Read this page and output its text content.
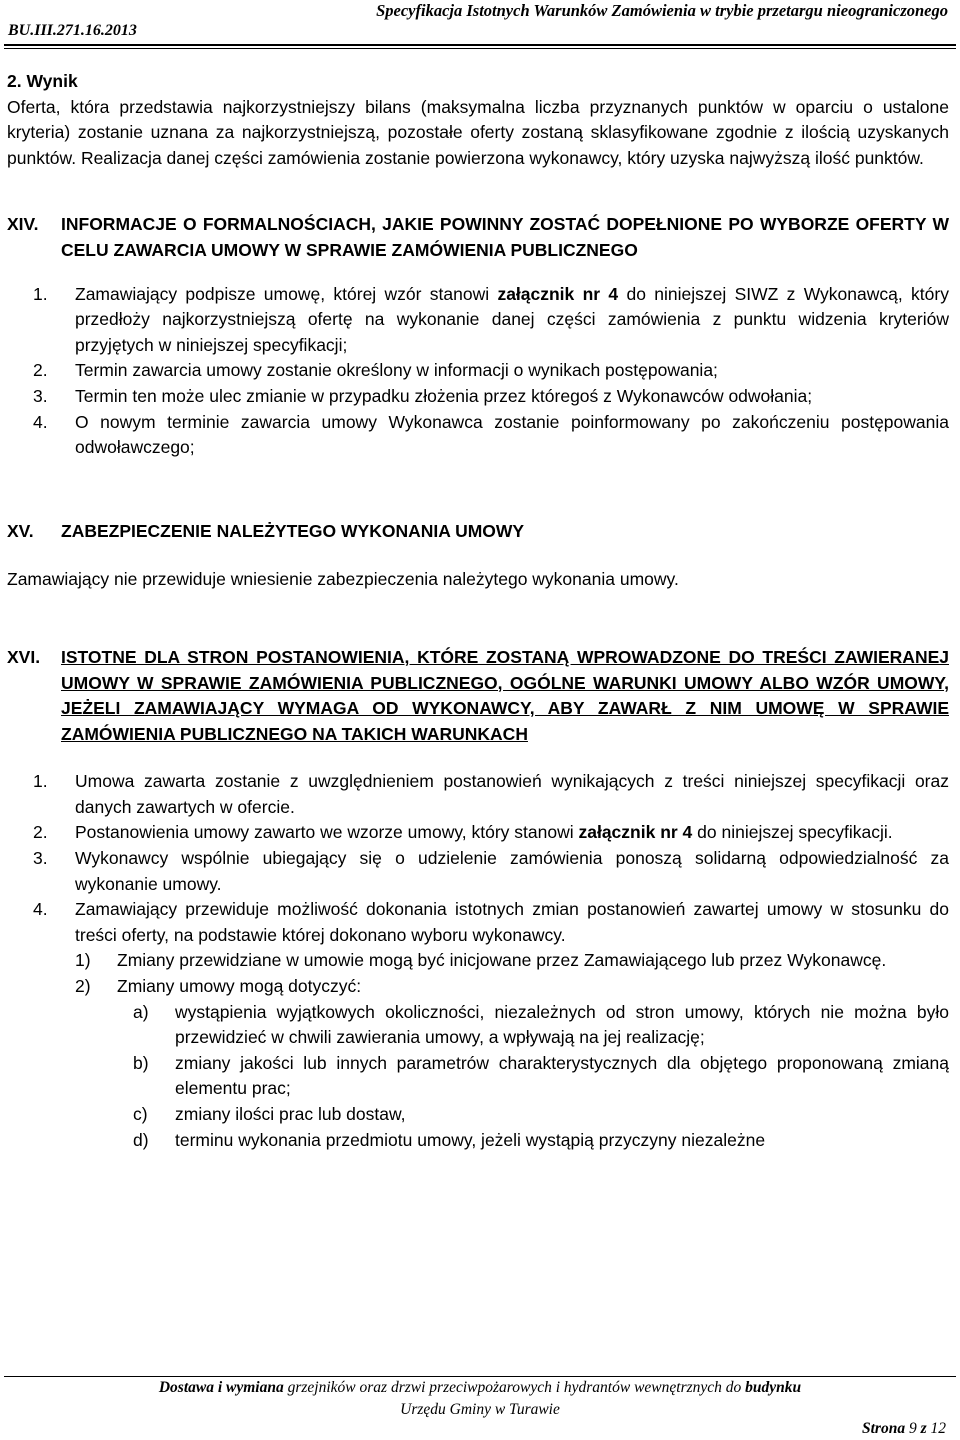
Specyfikacja Istotnych Warunków Zamówienia w trybie przetargu nieograniczonego
BU.III.271.16.2013
2. Wynik
Oferta, która przedstawia najkorzystniejszy bilans (maksymalna liczba przyznanych punktów w oparciu o ustalone kryteria) zostanie uznana za najkorzystniejszą, pozostałe oferty zostaną sklasyfikowane zgodnie z ilością uzyskanych punktów. Realizacja danej części zamówienia zostanie powierzona wykonawcy, który uzyska najwyższą ilość punktów.
XIV. INFORMACJE O FORMALNOŚCIACH, JAKIE POWINNY ZOSTAĆ DOPEŁNIONE PO WYBORZE OFERTY W CELU ZAWARCIA UMOWY W SPRAWIE ZAMÓWIENIA PUBLICZNEGO
1. Zamawiający podpisze umowę, której wzór stanowi załącznik nr 4 do niniejszej SIWZ z Wykonawcą, który przedłoży najkorzystniejszą ofertę na wykonanie danej części zamówienia z punktu widzenia kryteriów przyjętych w niniejszej specyfikacji;
2. Termin zawarcia umowy zostanie określony w informacji o wynikach postępowania;
3. Termin ten może ulec zmianie w przypadku złożenia przez któregoś z Wykonawców odwołania;
4. O nowym terminie zawarcia umowy Wykonawca zostanie poinformowany po zakończeniu postępowania odwoławczego;
XV. ZABEZPIECZENIE NALEŻYTEGO WYKONANIA UMOWY
Zamawiający nie przewiduje wniesienie zabezpieczenia należytego wykonania umowy.
XVI. ISTOTNE DLA STRON POSTANOWIENIA, KTÓRE ZOSTANĄ WPROWADZONE DO TREŚCI ZAWIERANEJ UMOWY W SPRAWIE ZAMÓWIENIA PUBLICZNEGO, OGÓLNE WARUNKI UMOWY ALBO WZÓR UMOWY, JEŻELI ZAMAWIAJĄCY WYMAGA OD WYKONAWCY, ABY ZAWARŁ Z NIM UMOWĘ W SPRAWIE ZAMÓWIENIA PUBLICZNEGO NA TAKICH WARUNKACH
1. Umowa zawarta zostanie z uwzględnieniem postanowień wynikających z treści niniejszej specyfikacji oraz danych zawartych w ofercie.
2. Postanowienia umowy zawarto we wzorze umowy, który stanowi załącznik nr 4 do niniejszej specyfikacji.
3. Wykonawcy wspólnie ubiegający się o udzielenie zamówienia ponoszą solidarną odpowiedzialność za wykonanie umowy.
4. Zamawiający przewiduje możliwość dokonania istotnych zmian postanowień zawartej umowy w stosunku do treści oferty, na podstawie której dokonano wyboru wykonawcy.
1) Zmiany przewidziane w umowie mogą być inicjowane przez Zamawiającego lub przez Wykonawcę.
2) Zmiany umowy mogą dotyczyć:
a) wystąpienia wyjątkowych okoliczności, niezależnych od stron umowy, których nie można było przewidzieć w chwili zawierania umowy, a wpływają na jej realizację;
b) zmiany jakości lub innych parametrów charakterystycznych dla objętego proponowaną zmianą elementu prac;
c) zmiany ilości prac lub dostaw,
d) terminu wykonania przedmiotu umowy, jeżeli wystąpią przyczyny niezależne
Dostawa i wymiana grzejników oraz drzwi przeciwpożarowych i hydrantów wewnętrznych do budynku
Urzędu Gminy w Turawie
Strona 9 z 12
